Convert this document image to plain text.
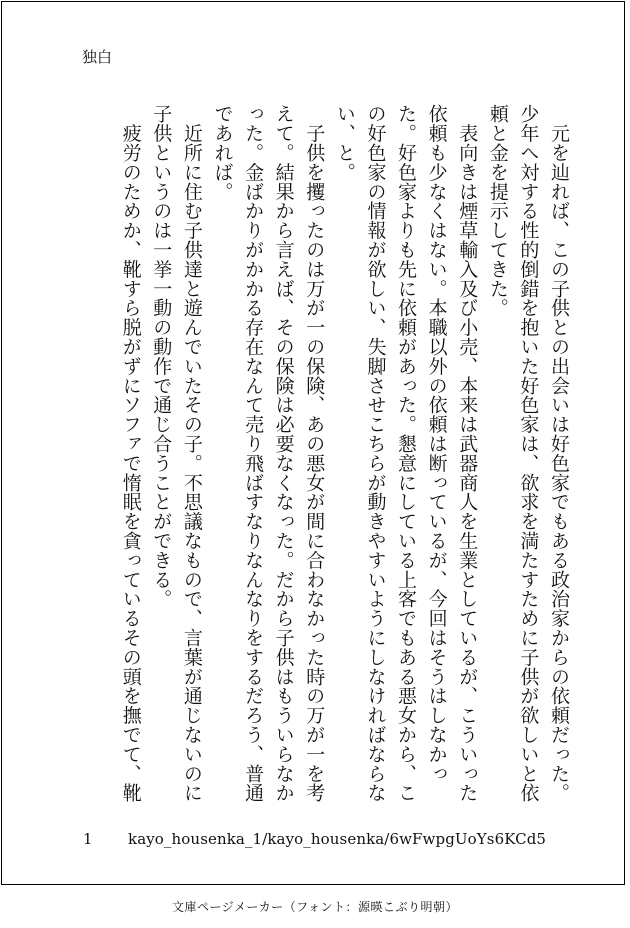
独白

　元を辿れば、この子供との出会いは好色家でもある政治家からの依頼だった。少年へ対する性的倒錯を抱いた好色家は、欲求を満たすために子供が欲しいと依頼と金を提示してきた。

　表向きは煙草輸入及び小売、本来は武器商人を生業としているが、こういった依頼も少なくはない。本職以外の依頼は断っているが、今回はそうはしなかった。好色家よりも先に依頼があった。懇意にしている上客でもある悪女から、この好色家の情報が欲しい、失脚させこちらが動きやすいようにしなければならない、と。

　子供を攫ったのは万が一の保険、あの悪女が間に合わなかった時の万が一を考えて。結果から言えば、その保険は必要なくなった。だから子供はもういらなかった。金ばかりがかかる存在なんて売り飛ばすなりなんなりをするだろう、普通であれば。

　近所に住む子供達と遊んでいたその子。不思議なもので、言葉が通じないのに子供というのは一挙一動の動作で通じ合うことができる。

　疲労のためか、靴すら脱がずにソファで惰眠を貪っているその頭を撫でて、靴

1 kayo_housenka_1/kayo_housenka/6wFwpgUoYs6KCd5
文庫ページメーカー（フォント：源暎こぶり明朝）
